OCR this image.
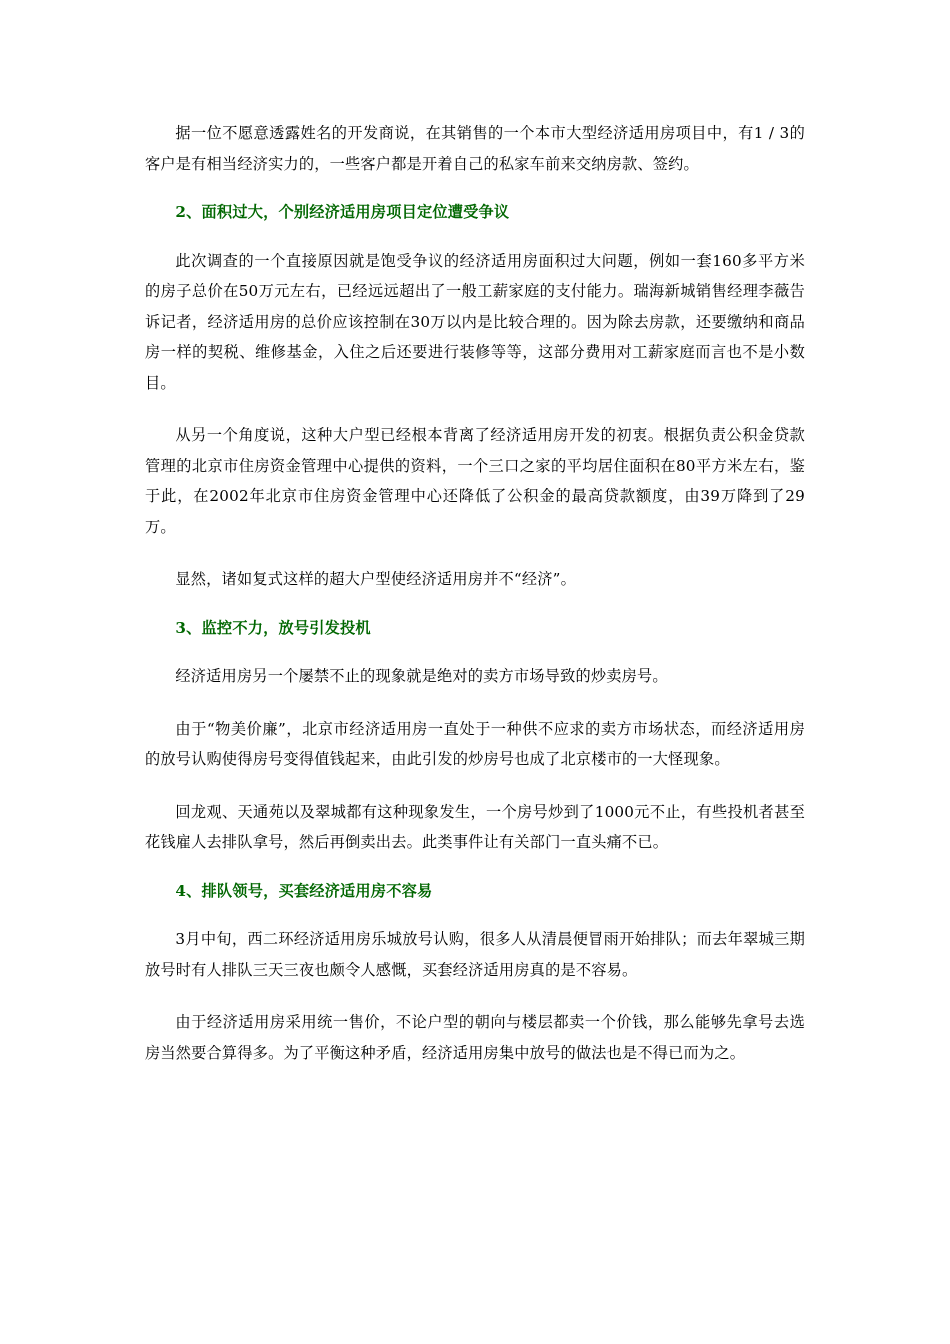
据一位不愿意透露姓名的开发商说，在其销售的一个本市大型经济适用房项目中，有1 / 3的客户是有相当经济实力的，一些客户都是开着自己的私家车前来交纳房款、签约。

2、面积过大，个别经济适用房项目定位遭受争议

此次调查的一个直接原因就是饱受争议的经济适用房面积过大问题，例如一套160多平方米的房子总价在50万元左右，已经远远超出了一般工薪家庭的支付能力。瑞海新城销售经理李薇告诉记者，经济适用房的总价应该控制在30万以内是比较合理的。因为除去房款，还要缴纳和商品房一样的契税、维修基金，入住之后还要进行装修等等，这部分费用对工薪家庭而言也不是小数目。

从另一个角度说，这种大户型已经根本背离了经济适用房开发的初衷。根据负责公积金贷款管理的北京市住房资金管理中心提供的资料，一个三口之家的平均居住面积在80平方米左右，鉴于此，在2002年北京市住房资金管理中心还降低了公积金的最高贷款额度，由39万降到了29万。

显然，诸如复式这样的超大户型使经济适用房并不“经济”。

3、监控不力，放号引发投机

经济适用房另一个屡禁不止的现象就是绝对的卖方市场导致的炒卖房号。

由于“物美价廉”，北京市经济适用房一直处于一种供不应求的卖方市场状态，而经济适用房的放号认购使得房号变得值钱起来，由此引发的炒房号也成了北京楼市的一大怪现象。

回龙观、天通苑以及翠城都有这种现象发生，一个房号炒到了1000元不止，有些投机者甚至花钱雇人去排队拿号，然后再倒卖出去。此类事件让有关部门一直头痛不已。

4、排队领号，买套经济适用房不容易

3月中旬，西二环经济适用房乐城放号认购，很多人从清晨便冒雨开始排队；而去年翠城三期放号时有人排队三天三夜也颇令人感慨，买套经济适用房真的是不容易。

由于经济适用房采用统一售价，不论户型的朝向与楼层都卖一个价钱，那么能够先拿号去选房当然要合算得多。为了平衡这种矛盾，经济适用房集中放号的做法也是不得已而为之。
